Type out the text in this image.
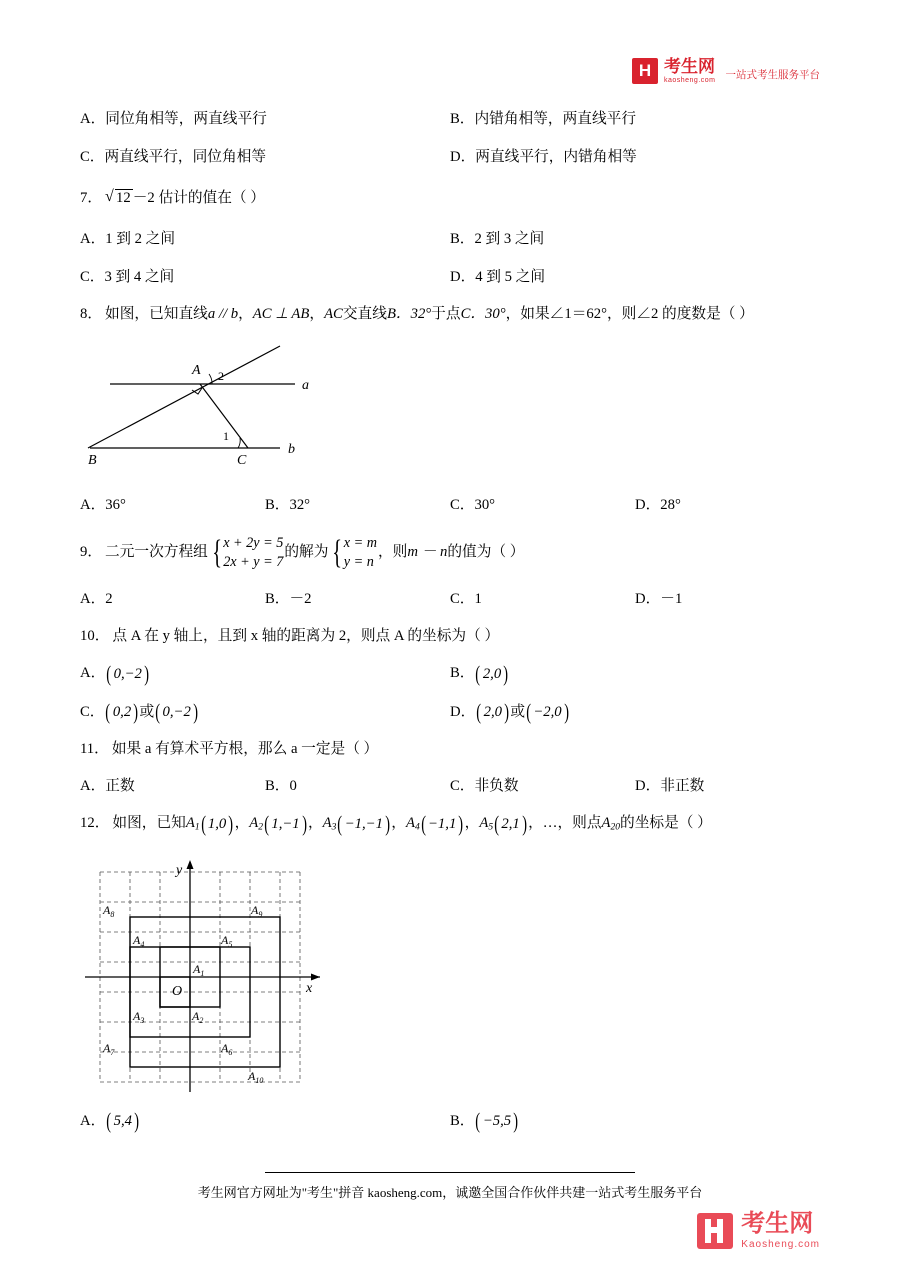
H 考生网
kaosheng.com 一站式考生服务平台
A．同位角相等，两直线平行	B．内错角相等，两直线平行
C．两直线平行，同位角相等	D．两直线平行，内错角相等
7． √ 12 －2 估计的值在（ ）
A．1 到 2 之间	B．2 到 3 之间
C．3 到 4 之间	D．4 到 5 之间
8． 如图，已知直线a // b，AC ⊥ AB，AC交直线B．32°于点C．30°，如果∠1＝62°，则∠2 的度数是（ ）
A
B	C
a
b
2
1
A．36°	B．32°	C．30°	D．28°
9． 二元一次方程组 { x + 2y = 5
2x + y = 7
的解为 { x = m
y = n
，则m － n的值为（ ）
A．2	B．－2	C．1	D．－1
10． 点 A 在 y 轴上，且到 x 轴的距离为 2，则点 A 的坐标为（ ）
A． ( 0,−2 )	B． ( 2,0 )
C． ( 0,2 ) 或 ( 0,−2 )	D． ( 2,0 ) 或 ( −2,0 )
11． 如果 a 有算术平方根，那么 a 一定是（ ）
A．正数	B．0	C．非负数	D．非正数
12． 如图，已知$A_1$ ( 1,0 ) ，$A_2$ ( 1,−1 ) ，$A_3$ ( −1,−1 ) ，$A_4$ ( −1,1 ) ，$A_5$ ( 2,1 ) ，…，则点$A_{20}$的坐标是（ ）
x
y
O
$A_1$
$A_2$
$A_3$
$A_4$	$A_5$
$A_6$
$A_7$
$A_8$	$A_9$
$A_{10}$
A． ( 5,4 )	B． ( −5,5 )
考生网官方网址为"考生"拼音 kaosheng.com，诚邀全国合作伙伴共建一站式考生服务平台
考生网
Kaosheng.com
